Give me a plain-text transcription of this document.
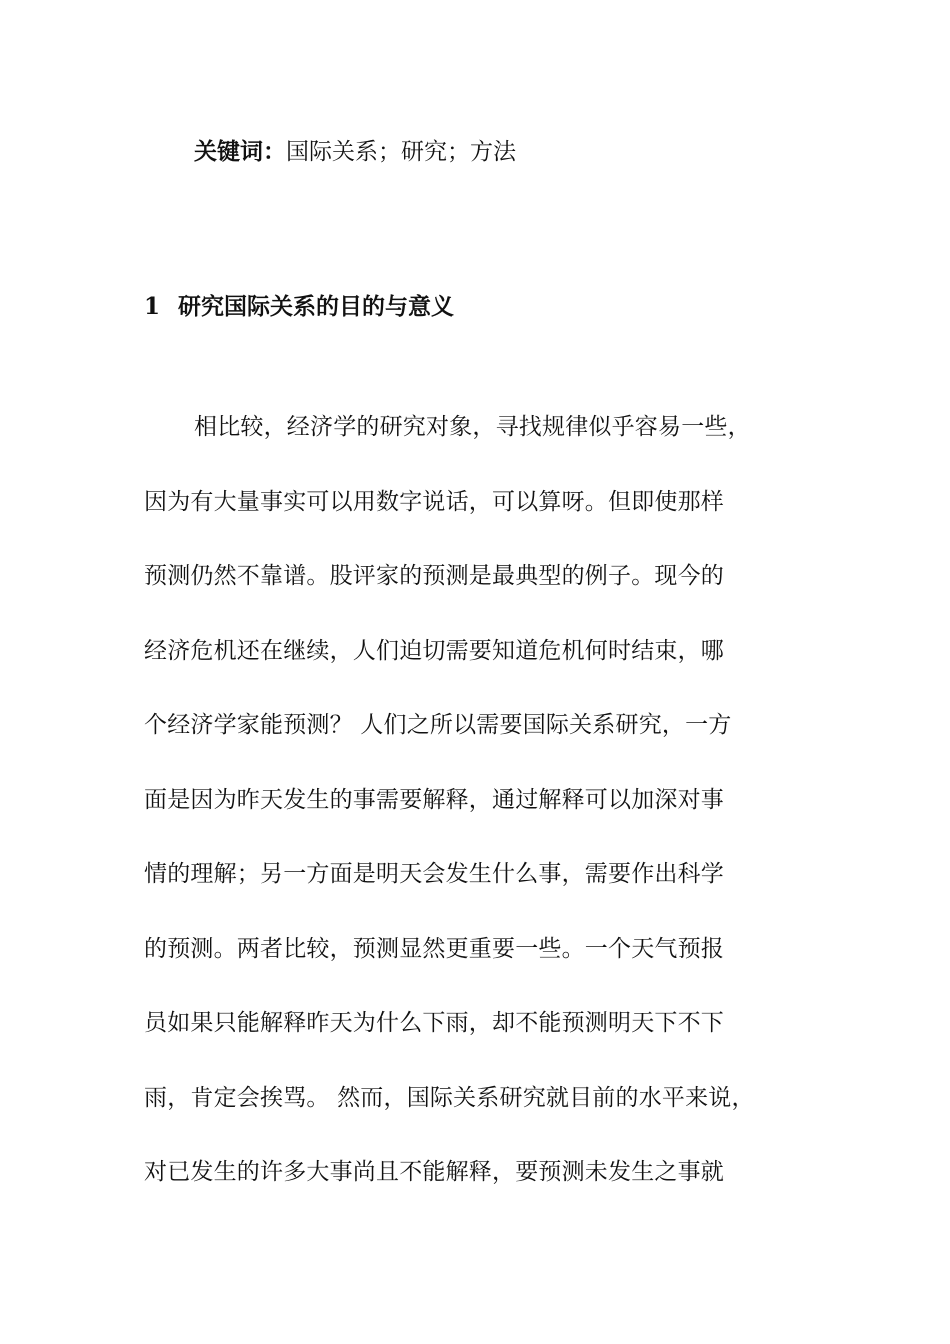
关键词：国际关系；研究；方法
1 研究国际关系的目的与意义
相比较，经济学的研究对象，寻找规律似乎容易一些，
因为有大量事实可以用数字说话，可以算呀。但即使那样
预测仍然不靠谱。股评家的预测是最典型的例子。现今的
经济危机还在继续，人们迫切需要知道危机何时结束，哪
个经济学家能预测？ 人们之所以需要国际关系研究，一方
面是因为昨天发生的事需要解释，通过解释可以加深对事
情的理解；另一方面是明天会发生什么事，需要作出科学
的预测。两者比较，预测显然更重要一些。一个天气预报
员如果只能解释昨天为什么下雨，却不能预测明天下不下
雨，肯定会挨骂。 然而，国际关系研究就目前的水平来说，
对已发生的许多大事尚且不能解释，要预测未发生之事就
